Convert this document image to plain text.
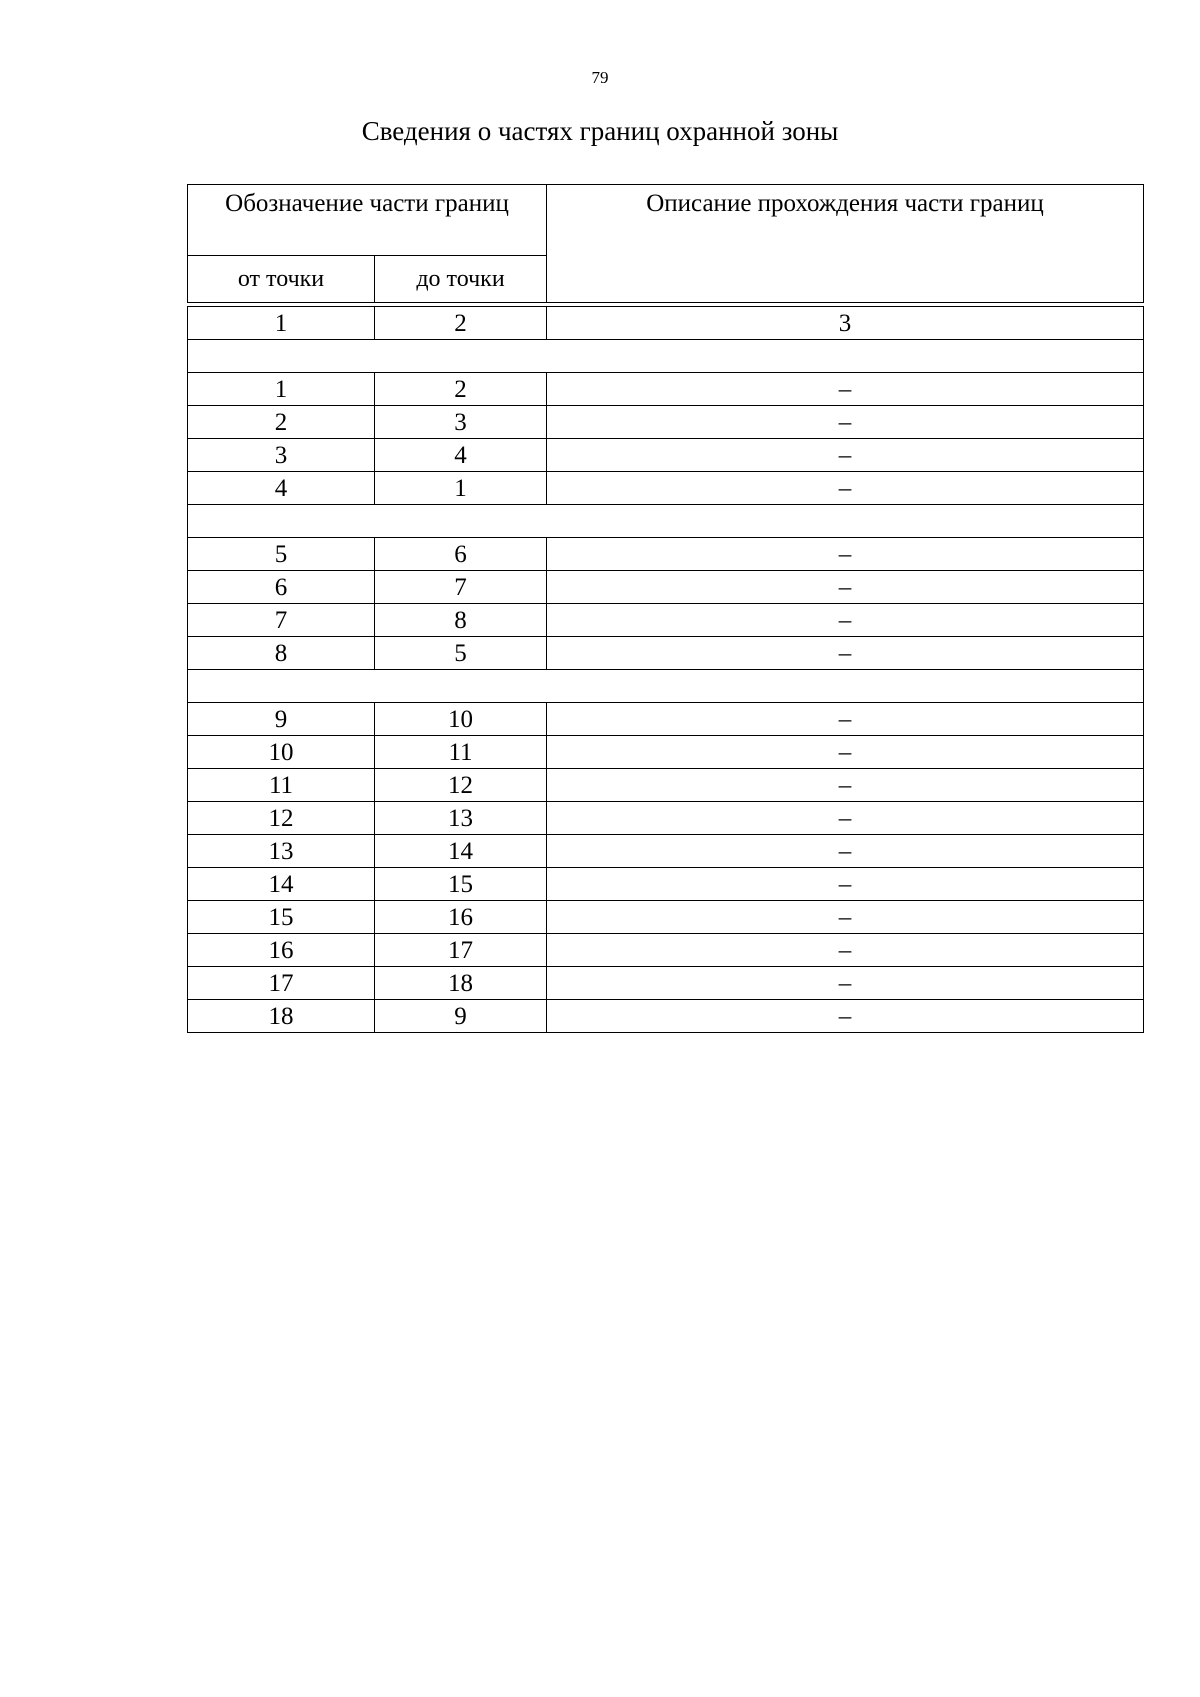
79
Сведения о частях границ охранной зоны
Обозначение части границ		Описание прохождения части границ

от точки	до точки	

1	2	3

1	2	–
2	3	–
3	4	–
4	1	–

5	6	–
6	7	–
7	8	–
8	5	–

9	10	–
10	11	–
11	12	–
12	13	–
13	14	–
14	15	–
15	16	–
16	17	–
17	18	–
18	9	–
